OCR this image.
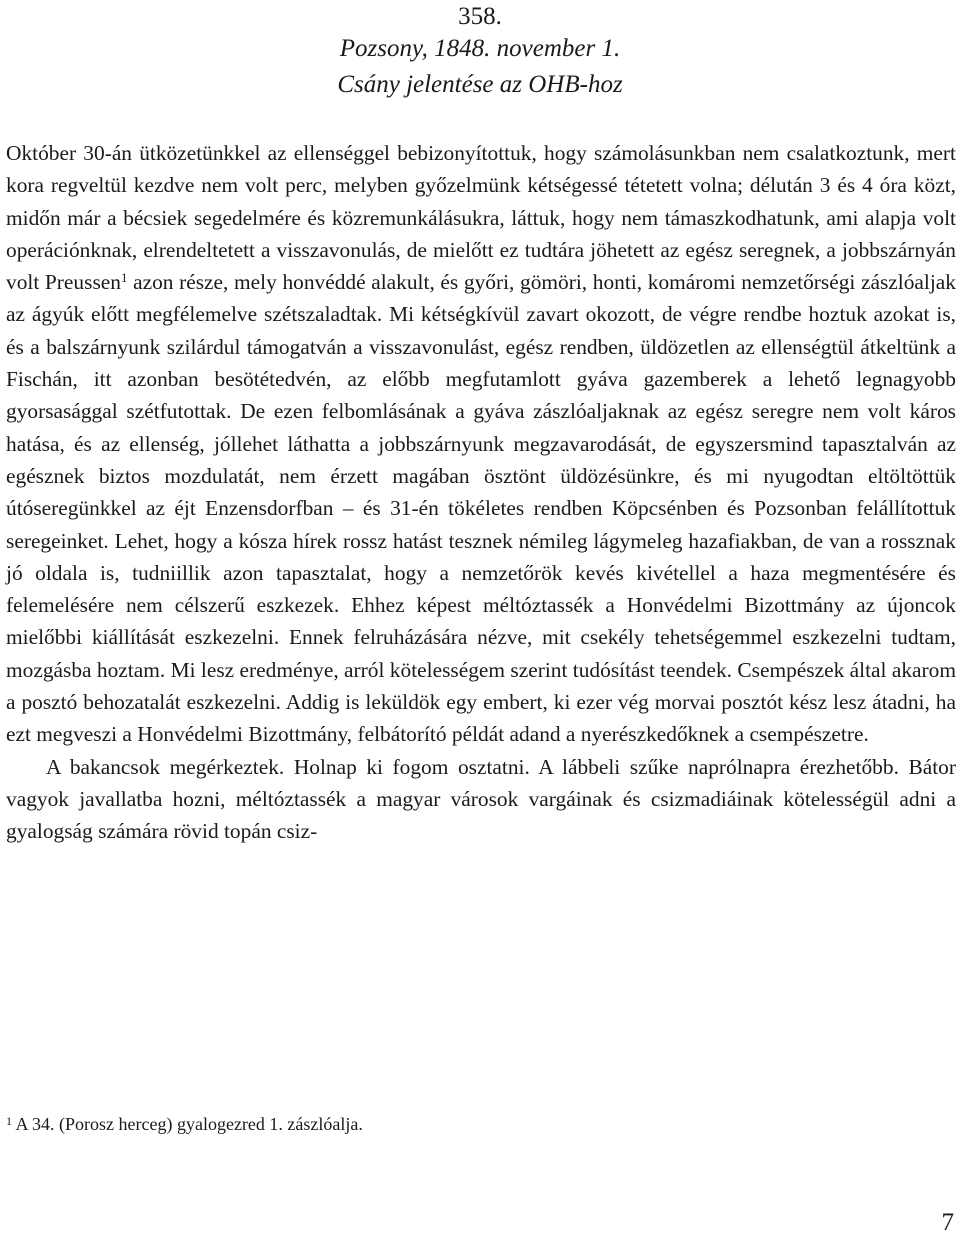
358.
Pozsony, 1848. november 1.
Csány jelentése az OHB-hoz

Október 30-án ütközetünkkel az ellenséggel bebizonyítottuk, hogy számolásunkban nem csalatkoztunk, mert kora regveltül kezdve nem volt perc, melyben győzelmünk kétségessé tétetett volna; délután 3 és 4 óra közt, midőn már a bécsiek segedelmére és közremunkálásukra, láttuk, hogy nem támaszkodhatunk, ami alapja volt operációnknak, elrendeltetett a visszavonulás, de mielőtt ez tudtára jöhetett az egész seregnek, a jobbszárnyán volt Preussen$^1$ azon része, mely honvéddé alakult, és győri, gömöri, honti, komáromi nemzetőrségi zászlóaljak az ágyúk előtt megfélemelve szétszaladtak. Mi kétségkívül zavart okozott, de végre rendbe hoztuk azokat is, és a balszárnyunk szilárdul támogatván a visszavonulást, egész rendben, üldözetlen az ellenségtül átkeltünk a Fischán, itt azonban besötétedvén, az előbb megfutamlott gyáva gazemberek a lehető legnagyobb gyorsasággal szétfutottak. De ezen felbomlásának a gyáva zászlóaljaknak az egész seregre nem volt káros hatása, és az ellenség, jóllehet láthatta a jobbszárnyunk megzavarodását, de egyszersmind tapasztalván az egésznek biztos mozdulatát, nem érzett magában ösztönt üldözésünkre, és mi nyugodtan eltöltöttük útóseregünkkel az éjt Enzensdorfban – és 31-én tökéletes rendben Köpcsénben és Pozsonban felállítottuk seregeinket. Lehet, hogy a kósza hírek rossz hatást tesznek némileg lágymeleg hazafiakban, de van a rossznak jó oldala is, tudniillik azon tapasztalat, hogy a nemzetőrök kevés kivétellel a haza megmentésére és felemelésére nem célszerű eszkezek. Ehhez képest méltóztassék a Honvédelmi Bizottmány az újoncok mielőbbi kiállítását eszkezelni. Ennek felruházására nézve, mit csekély tehetségemmel eszkezelni tudtam, mozgásba hoztam. Mi lesz eredménye, arról kötelességem szerint tudósítást teendek. Csempészek által akarom a posztó behozatalát eszkezelni. Addig is leküldök egy embert, ki ezer vég morvai posztót kész lesz átadni, ha ezt megveszi a Honvédelmi Bizottmány, felbátorító példát adand a nyerészkedőknek a csempészetre.

A bakancsok megérkeztek. Holnap ki fogom osztatni. A lábbeli szűke naprólnapra érezhetőbb. Bátor vagyok javallatba hozni, méltóztassék a magyar városok vargáinak és csizmadiáinak kötelességül adni a gyalogság számára rövid topán csiz-

$^1$ A 34. (Porosz herceg) gyalogezred 1. zászlóalja.
7
